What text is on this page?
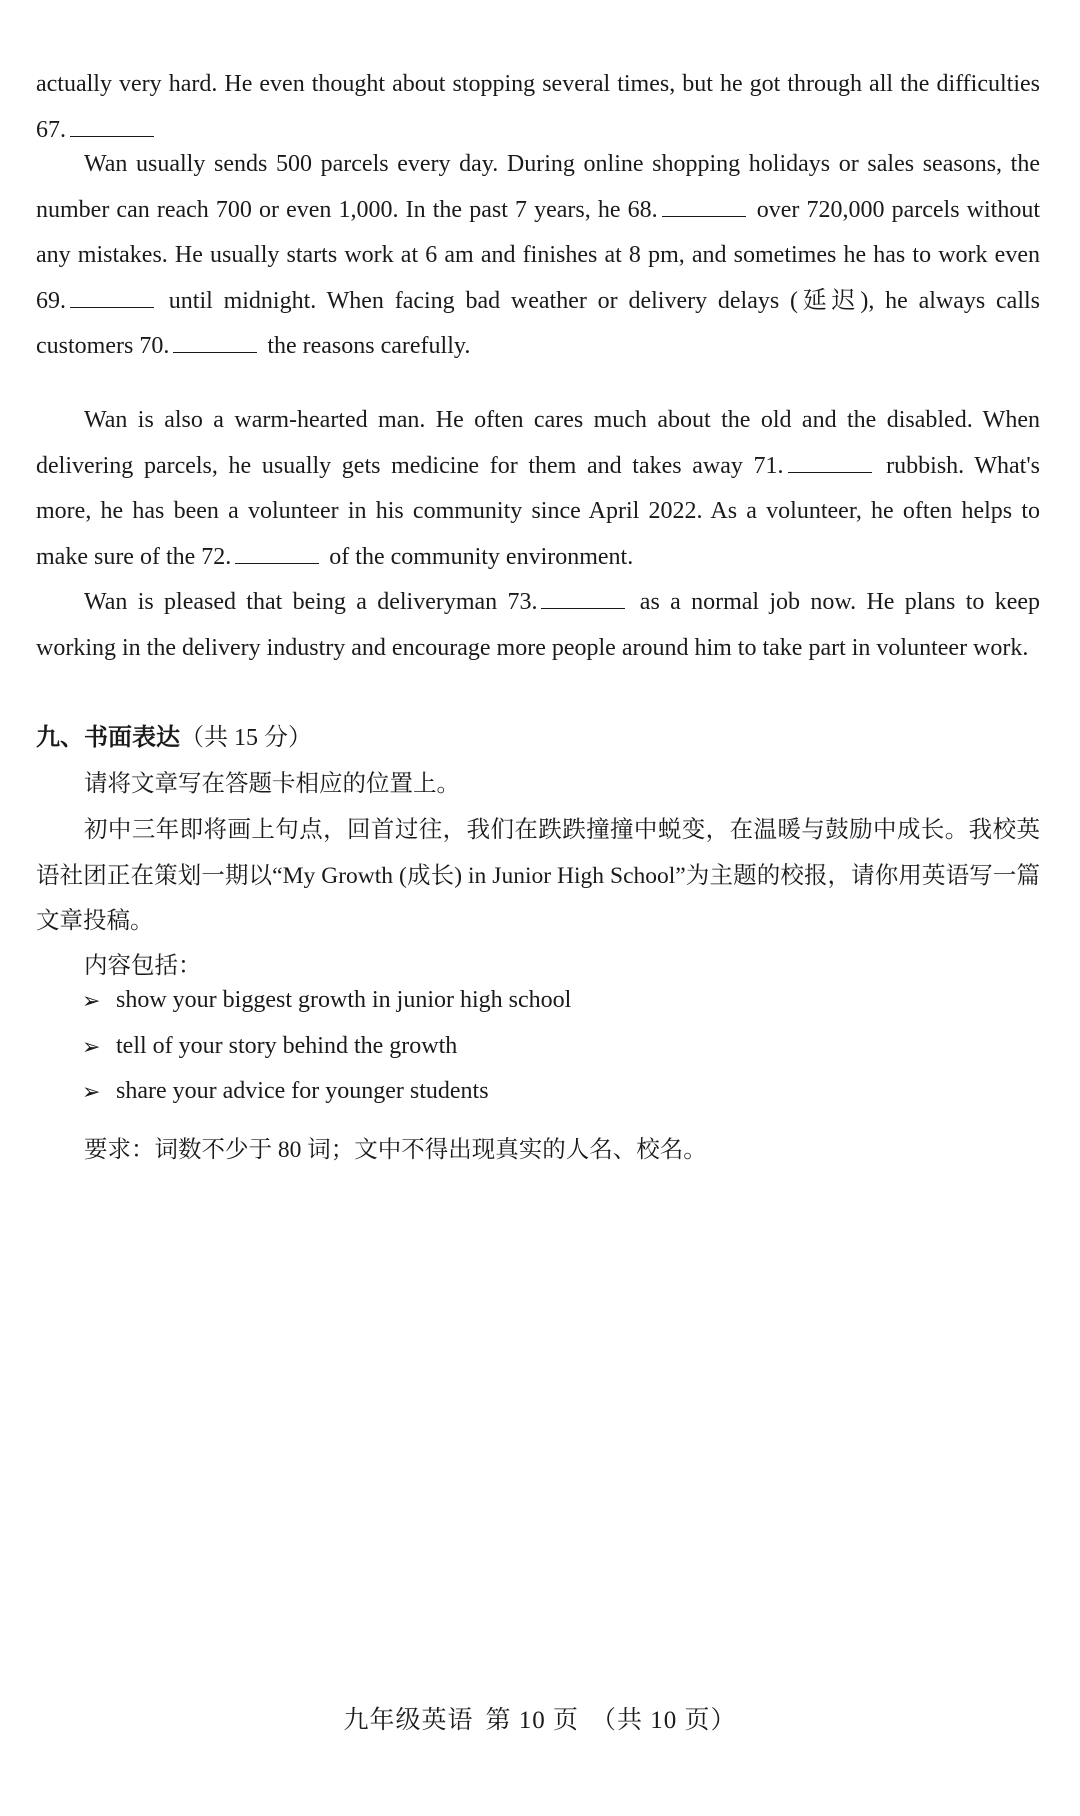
actually very hard. He even thought about stopping several times, but he got through all the difficulties 67.

Wan usually sends 500 parcels every day. During online shopping holidays or sales seasons, the number can reach 700 or even 1,000. In the past 7 years, he 68.	over 720,000 parcels without any mistakes. He usually starts work at 6 am and finishes at 8 pm, and sometimes he has to work even 69.	until midnight. When facing bad weather or delivery delays (延迟), he always calls customers 70.	the reasons carefully.

Wan is also a warm-hearted man. He often cares much about the old and the disabled. When delivering parcels, he usually gets medicine for them and takes away 71.	rubbish. What's more, he has been a volunteer in his community since April 2022. As a volunteer, he often helps to make sure of the 72.	of the community environment.

Wan is pleased that being a deliveryman 73.	as a normal job now. He plans to keep working in the delivery industry and encourage more people around him to take part in volunteer work.

九、书面表达（共 15 分）

请将文章写在答题卡相应的位置上。

初中三年即将画上句点，回首过往，我们在跌跌撞撞中蜕变，在温暖与鼓励中成长。我校英语社团正在策划一期以“My Growth (成长) in Junior High School”为主题的校报，请你用英语写一篇文章投稿。

内容包括：

➢ show your biggest growth in junior high school
➢ tell of your story behind the growth
➢ share your advice for younger students

要求：词数不少于 80 词；文中不得出现真实的人名、校名。

九年级英语 第 10 页 （共 10 页）
